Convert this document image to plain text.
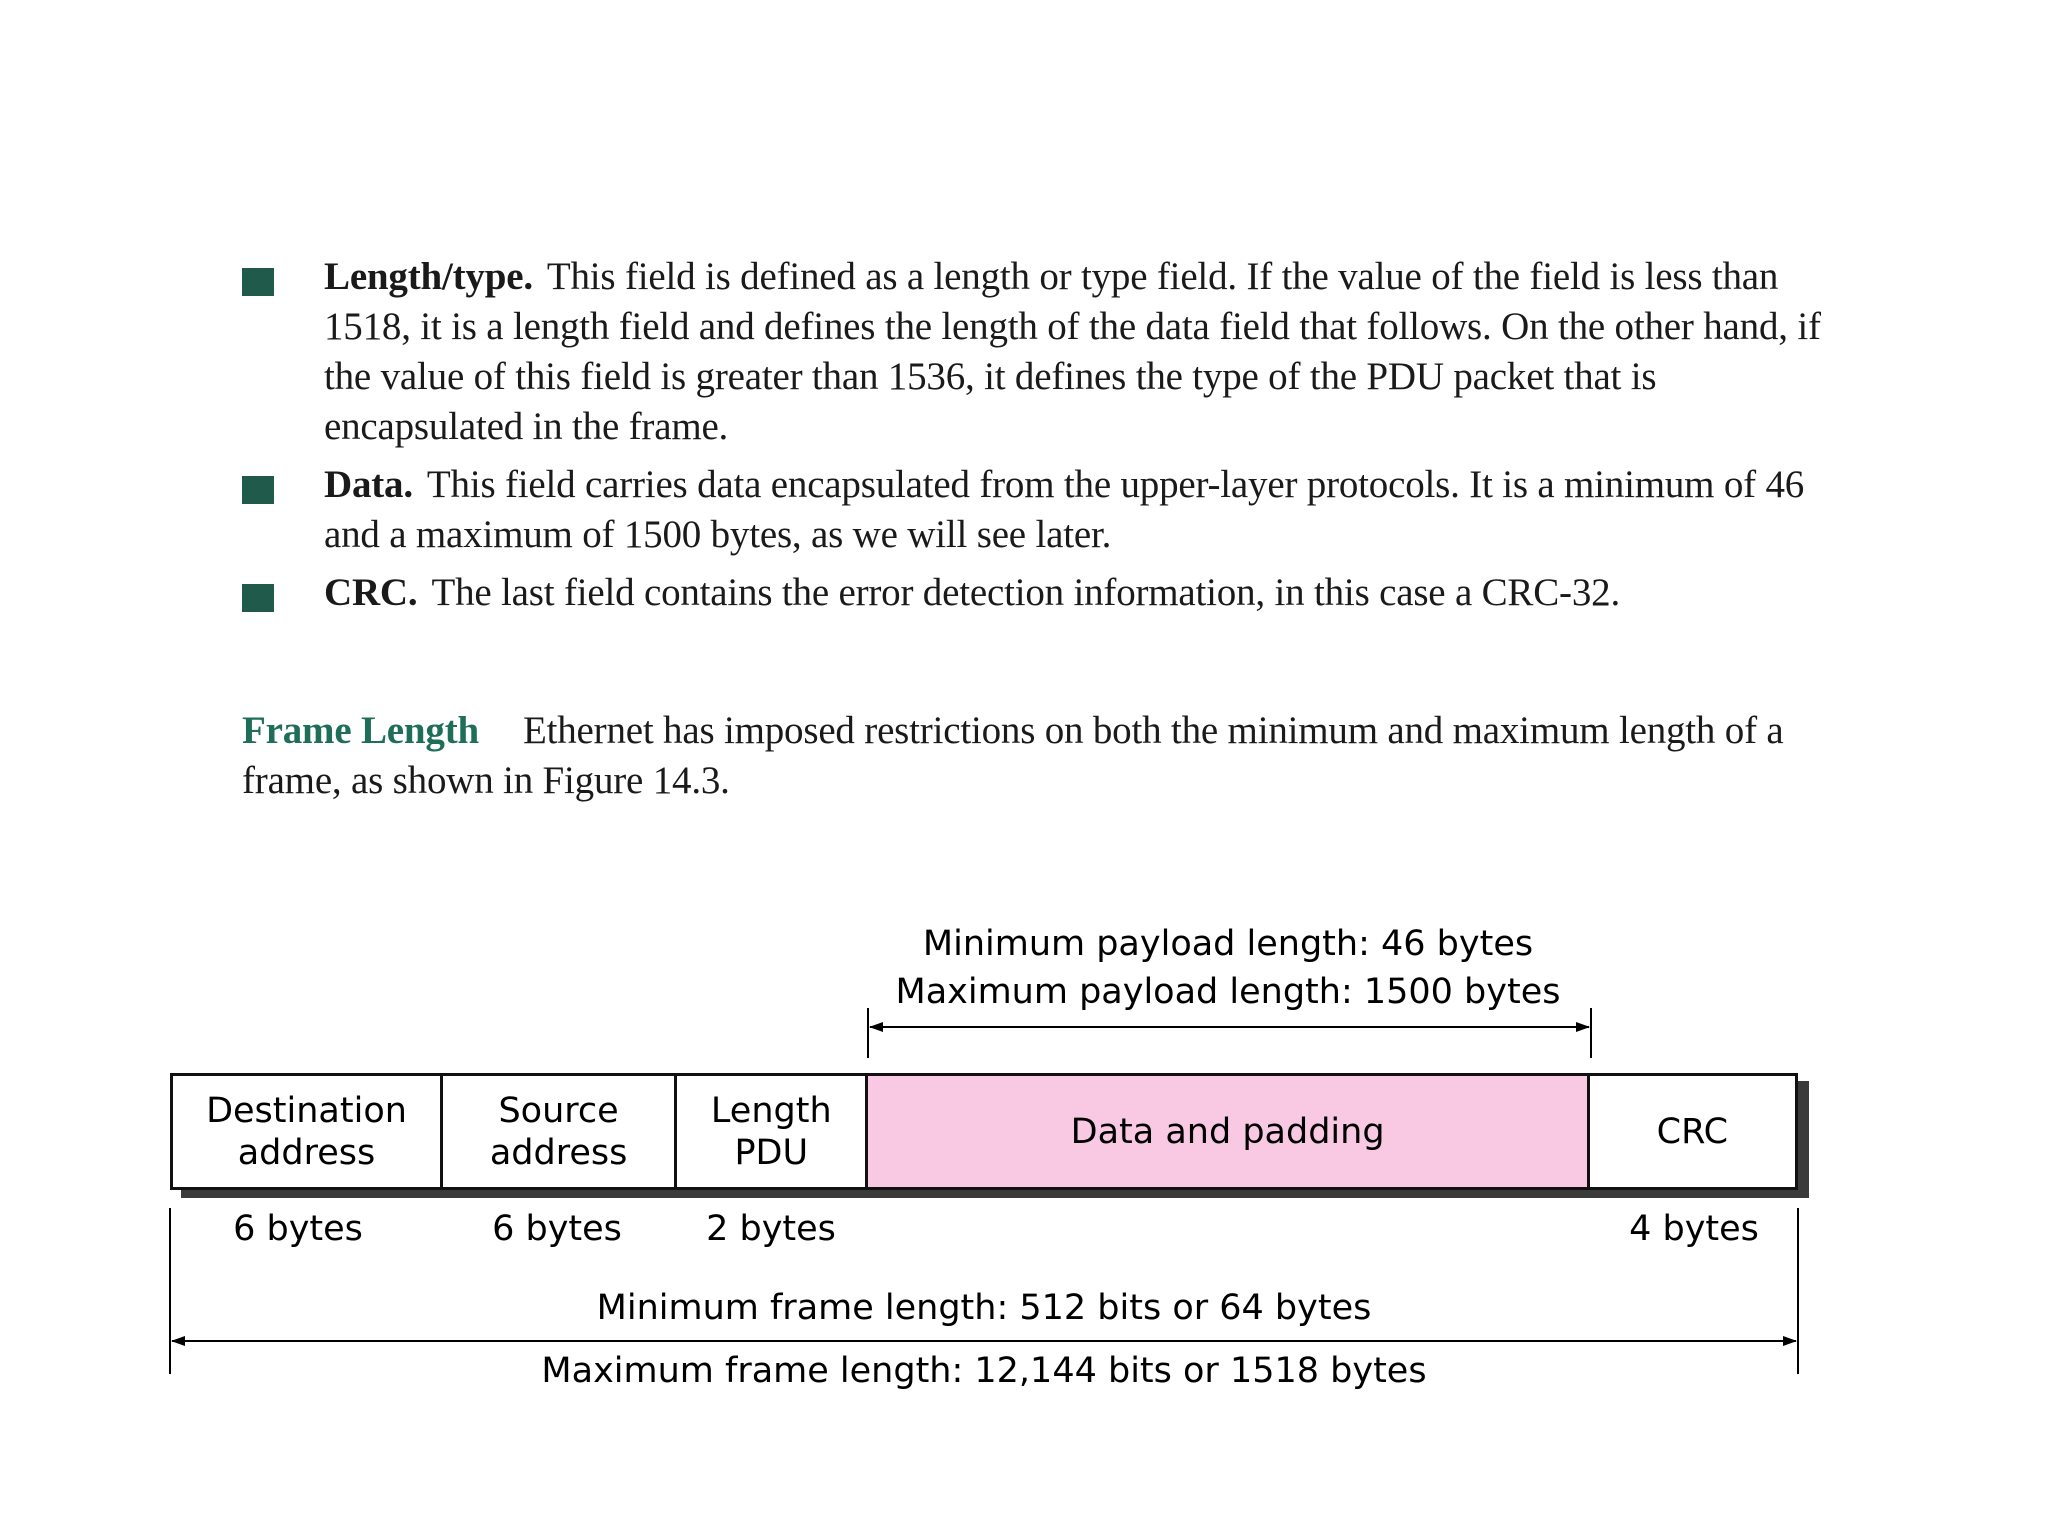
Length/type. This field is defined as a length or type field. If the value of the field is less than 1518, it is a length field and defines the length of the data field that follows. On the other hand, if the value of this field is greater than 1536, it defines the type of the PDU packet that is encapsulated in the frame.
Data. This field carries data encapsulated from the upper-layer protocols. It is a minimum of 46 and a maximum of 1500 bytes, as we will see later.
CRC. The last field contains the error detection information, in this case a CRC-32.
Frame Length Ethernet has imposed restrictions on both the minimum and maximum length of a frame, as shown in Figure 14.3.
Minimum payload length: 46 bytes
Maximum payload length: 1500 bytes
Destination
address
Source
address
Length
PDU
Data and padding	CRC
6 bytes	6 bytes	2 bytes	4 bytes
Minimum frame length: 512 bits or 64 bytes
Maximum frame length: 12,144 bits or 1518 bytes
